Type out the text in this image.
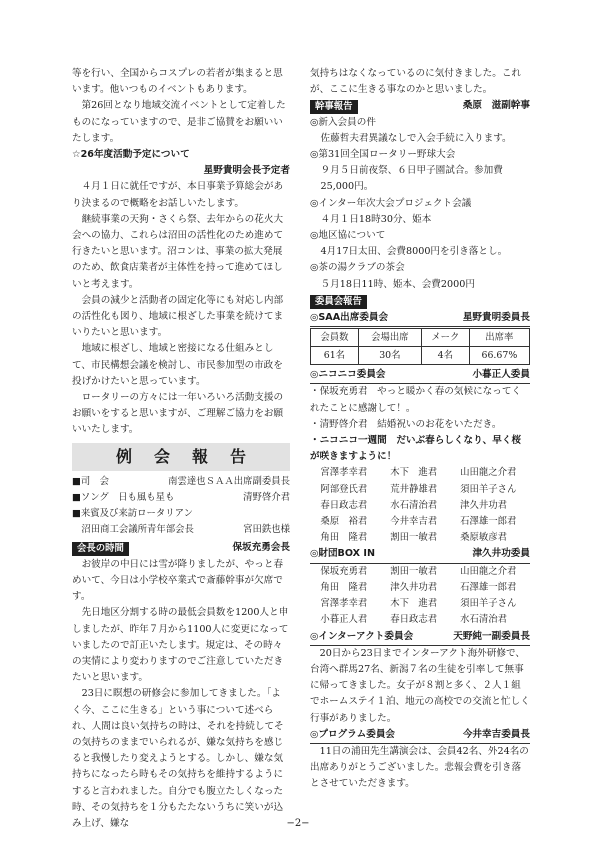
等を行い、全国からコスプレの若者が集まると思います。他いつものイベントもあります。

第26回となり地域交流イベントとして定着したものになっていますので、是非ご協賛をお願いいたします。

☆26年度活動予定について

星野貴明会長予定者

４月１日に就任ですが、本日事業予算総会があり決まるので概略をお話しいたします。

継続事業の天狗・さくら祭、去年からの花火大会への協力、これらは沼田の活性化のため進めて行きたいと思います。沼コンは、事業の拡大発展のため、飲食店業者が主体性を持って進めてほしいと考えます。

会員の減少と活動者の固定化等にも対応し内部の活性化も図り、地域に根ざした事業を続けてまいりたいと思います。

地域に根ざし、地域と密接になる仕組みとして、市民構想会議を検討し、市民参加型の市政を投げかけたいと思っています。

ロータリーの方々には一年いろいろ活動支援のお願いをすると思いますが、ご理解ご協力をお願いいたします。

例会報告
■司　会	南雲達也ＳＡＡ出席副委員長
■ソング　日も風も星も	清野啓介君
■来賓及び来訪ロータリアン
　沼田商工会議所青年部会長	宮田鉄也様
会長の時間	保坂充勇会長

お彼岸の中日には雪が降りましたが、やっと春めいて、今日は小学校卒業式で斎藤幹事が欠席です。

先日地区分割する時の最低会員数を1200人と申しましたが、昨年７月から1100人に変更になっていましたので訂正いたします。規定は、その時々の実情により変わりますのでご注意していただきたいと思います。

23日に瞑想の研修会に参加してきました。「よく今、ここに生きる」という事について述べられ、人間は良い気持ちの時は、それを持続してその気持ちのままでいられるが、嫌な気持ちを感じると我慢したり変えようとする。しかし、嫌な気持ちになったら時もその気持ちを維持するようにすると言われました。自分でも腹立たしくなった時、その気持ちを１分もたたないうちに笑いが込み上げ、嫌な

気持ちはなくなっているのに気付きました。これが、ここに生きる事なのかと思いました。

幹事報告	桑原　滋副幹事

◎新入会員の件

佐藤哲夫君異議なしで入会手続に入ります。

◎第31回全国ロータリー野球大会

９月５日前夜祭、６日甲子園試合。参加費25,000円。

◎インター年次大会プロジェクト会議

４月１日18時30分、姫本

◎地区協について

4月17日太田、会費8000円を引き落とし。

◎茶の湯クラブの茶会

５月18日11時、姫本、会費2000円

委員会報告
◎SAA出席委員会	星野貴明委員長
会員数	会場出席	メーク	出席率
61名	30名	4名	66.67%
◎ニコニコ委員会	小暮正人委員

・保坂充勇君　やっと暖かく春の気候になってくれたことに感謝して！。

・清野啓介君　結婚祝いのお花をいただき。

・ニコニコ一週間　だいぶ春らしくなり、早く桜が咲きますように！

宮澤孝幸君	木下　進君	山田龍之介君
阿部登氏君	荒井静雄君	須田羊子さん
春日政志君	水石清治君	津久井功君
桑原　裕君	今井幸吉君	石澤雄一郎君
角田　隆君	割田一敏君	桑原敏彦君
◎財団BOX IN	津久井功委員
保坂充勇君	割田一敏君	山田龍之介君
角田　隆君	津久井功君	石澤雄一郎君
宮澤孝幸君	木下　進君	須田羊子さん
小暮正人君	春日政志君	水石清治君
◎インターアクト委員会	天野純一副委員長

20日から23日までインターアクト海外研修で、台湾へ群馬27名、新潟７名の生徒を引率して無事に帰ってきました。女子が８割と多く、２人１組でホームステイ１泊、地元の高校での交流と忙しく行事がありました。

◎プログラム委員会	今井幸吉委員長

11日の浦田先生講演会は、会員42名、外24名の出席ありがとうございました。悲報会費を引き落とさせていただきます。

−2−
